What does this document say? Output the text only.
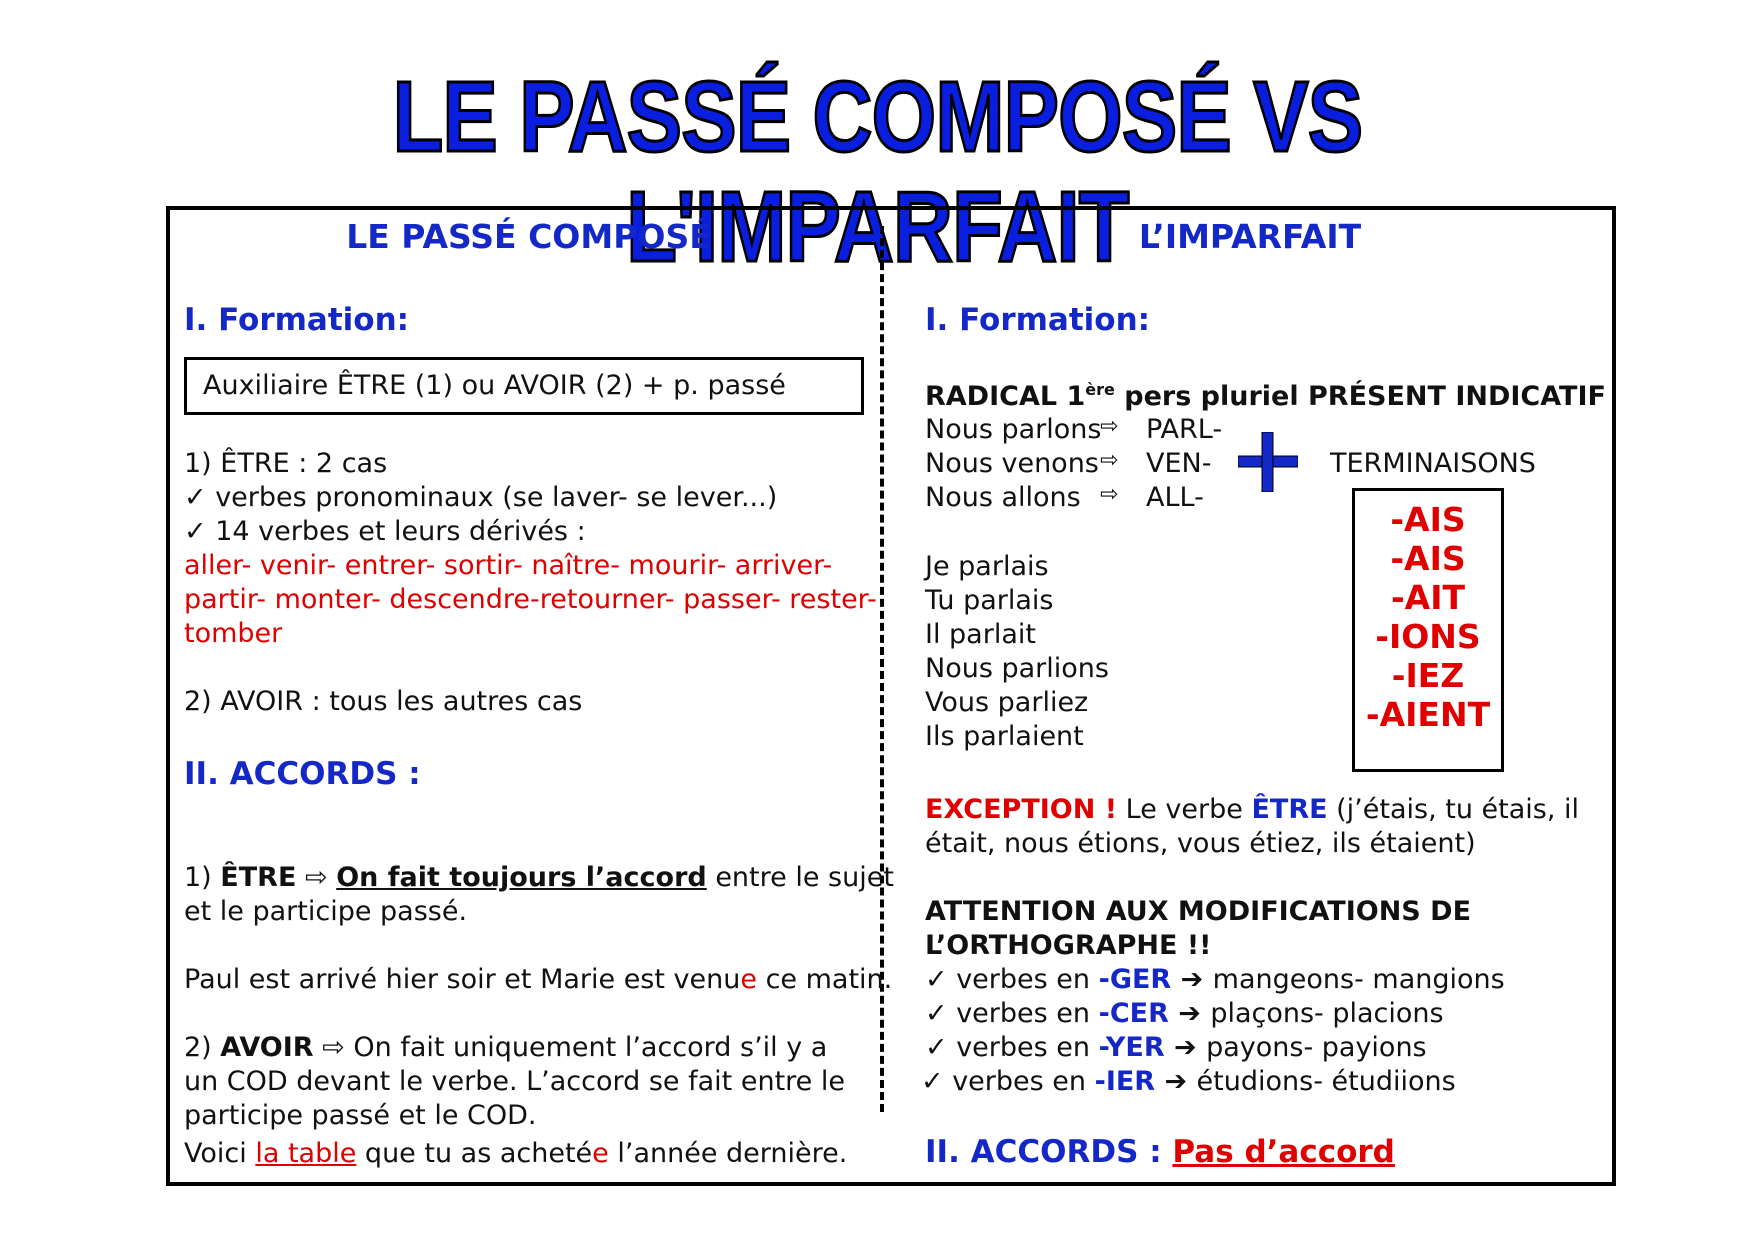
LE PASSÉ COMPOSÉ VS L'IMPARFAIT
LE PASSÉ COMPOSÉ
I. Formation:
Auxiliaire ÊTRE (1) ou AVOIR (2) + p. passé
1) ÊTRE : 2 cas
✓ verbes pronominaux (se laver- se lever...)
✓ 14 verbes et leurs dérivés :
aller- venir- entrer- sortir- naître- mourir- arriver-
partir- monter- descendre-retourner- passer- rester-
tomber
2) AVOIR : tous les autres cas
II. ACCORDS :
1) ÊTRE ⇨ On fait toujours l’accord entre le sujet
et le participe passé.
Paul est arrivé hier soir et Marie est venue ce matin.
2) AVOIR ⇨ On fait uniquement l’accord s’il y a
un COD devant le verbe. L’accord se fait entre le
participe passé et le COD.
Voici la table que tu as achetée l’année dernière.
L’IMPARFAIT
I. Formation:
RADICAL 1ère pers pluriel PRÉSENT INDICATIF
Nous parlons
⇨ PARL-
Nous venons ⇨ VEN-
Nous allons ⇨ ALL-
TERMINAISONS
-AIS
-AIS
-AIT
-IONS
-IEZ
-AIENT
Je parlais
Tu parlais
Il parlait
Nous parlions
Vous parliez
Ils parlaient
EXCEPTION ! Le verbe ÊTRE (j’étais, tu étais, il
était, nous étions, vous étiez, ils étaient)
ATTENTION AUX MODIFICATIONS DE
L’ORTHOGRAPHE !!
✓ verbes en -GER ➔ mangeons- mangions
✓ verbes en -CER ➔ plaçons- placions
✓ verbes en -YER ➔ payons- payions
✓ verbes en -IER ➔ étudions- étudiions
II. ACCORDS : Pas d’accord
